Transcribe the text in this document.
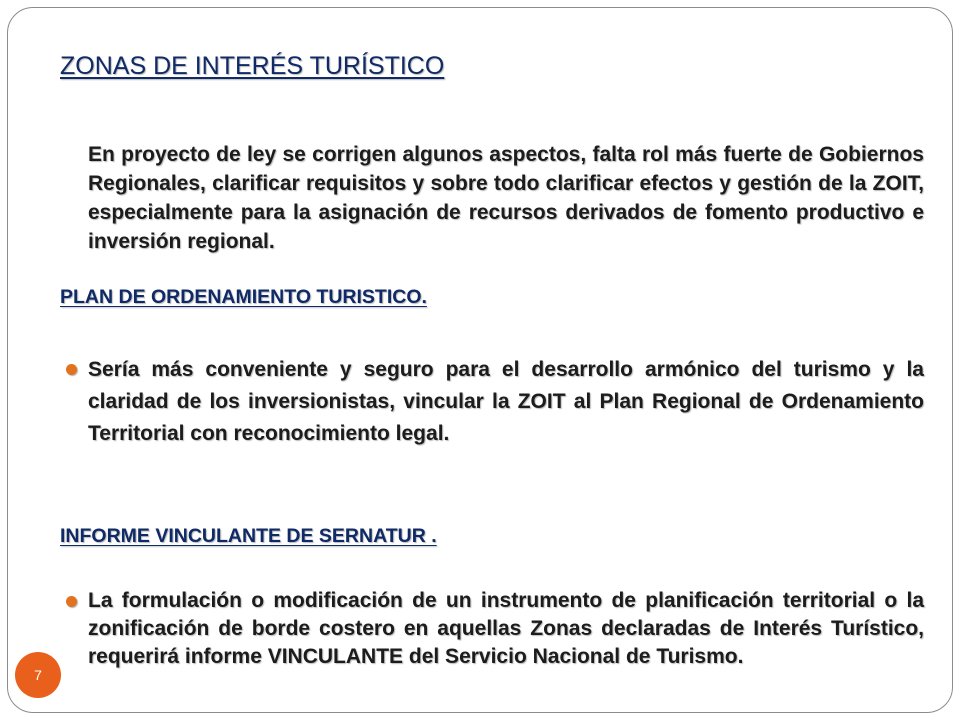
ZONAS DE INTERÉS TURÍSTICO

En proyecto de ley se corrigen algunos aspectos, falta rol más fuerte de Gobiernos Regionales, clarificar requisitos y sobre todo clarificar efectos y gestión de la ZOIT, especialmente para la asignación de recursos derivados de fomento productivo e inversión regional.

PLAN DE ORDENAMIENTO TURISTICO.

Sería más conveniente y seguro para el desarrollo armónico del turismo y la claridad de los inversionistas, vincular la ZOIT al Plan Regional de Ordenamiento Territorial con reconocimiento legal.

INFORME VINCULANTE DE SERNATUR .

La formulación o modificación de un instrumento de planificación territorial o la zonificación de borde costero en aquellas Zonas declaradas de Interés Turístico, requerirá informe VINCULANTE del Servicio Nacional de Turismo.

7
